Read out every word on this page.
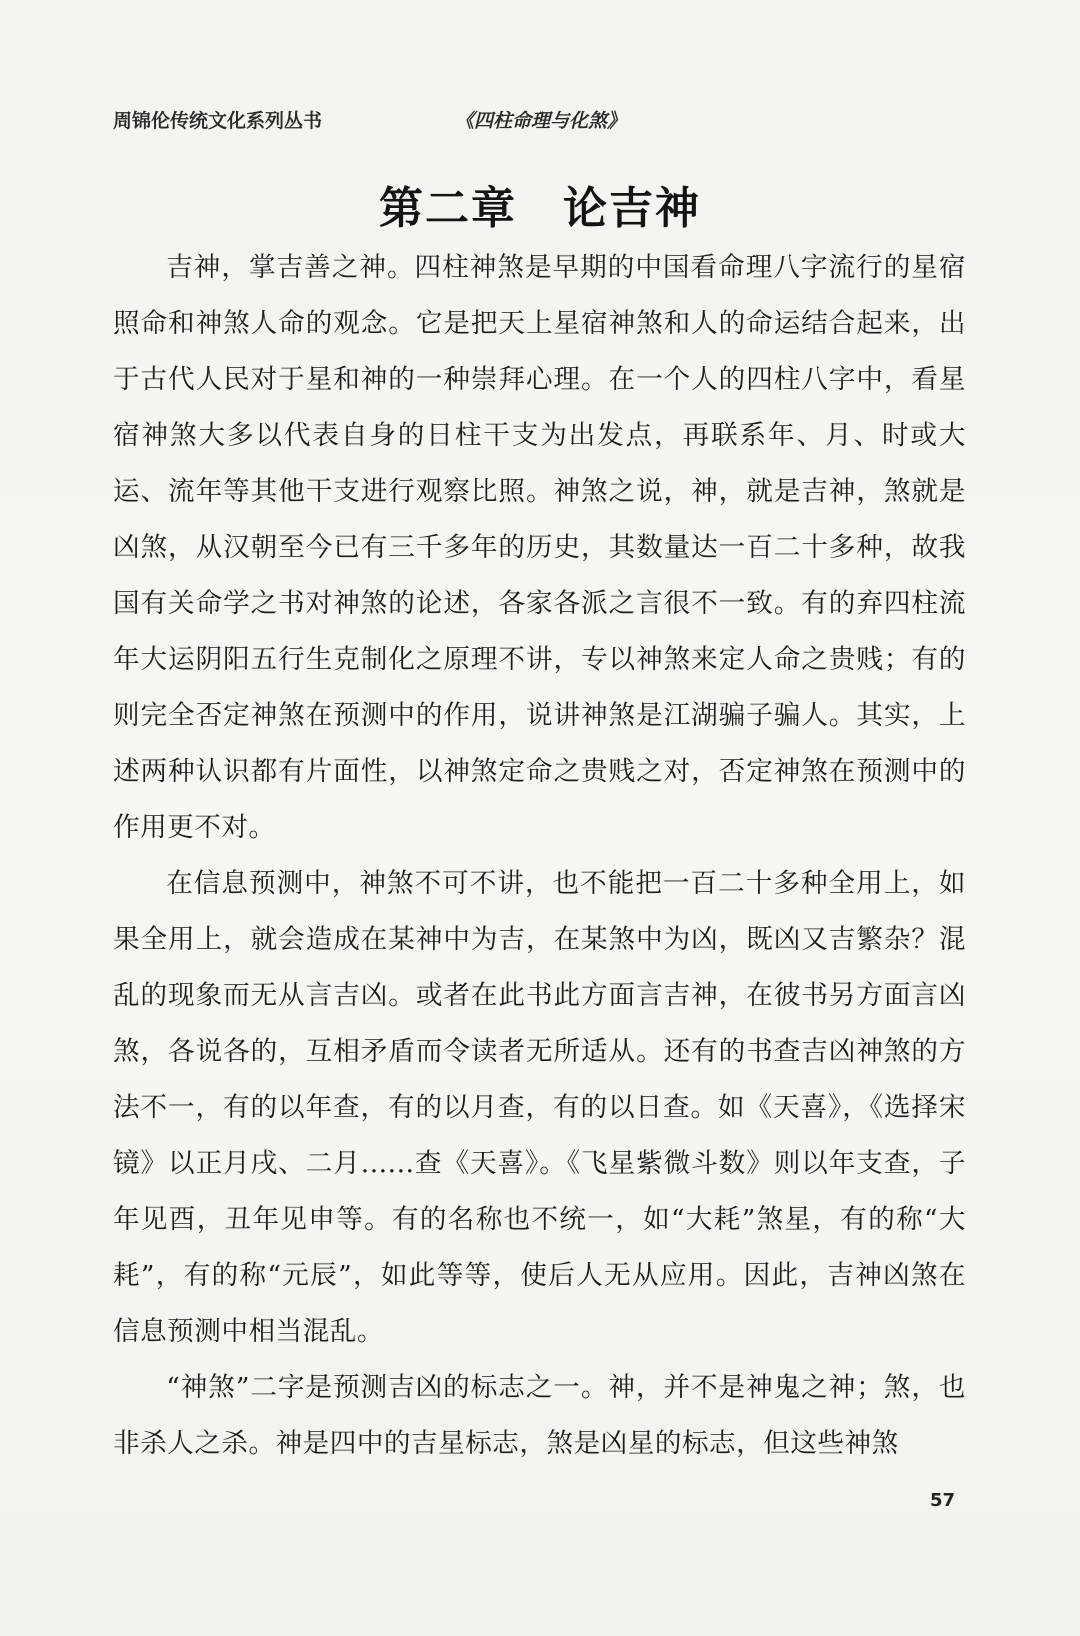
周锦伦传统文化系列丛书	《四柱命理与化煞》
第二章　论吉神

吉神，掌吉善之神。四柱神煞是早期的中国看命理八字流行的星宿照命和神煞人命的观念。它是把天上星宿神煞和人的命运结合起来，出于古代人民对于星和神的一种崇拜心理。在一个人的四柱八字中，看星宿神煞大多以代表自身的日柱干支为出发点，再联系年、月、时或大运、流年等其他干支进行观察比照。神煞之说，神，就是吉神，煞就是凶煞，从汉朝至今已有三千多年的历史，其数量达一百二十多种，故我国有关命学之书对神煞的论述，各家各派之言很不一致。有的弃四柱流年大运阴阳五行生克制化之原理不讲，专以神煞来定人命之贵贱；有的则完全否定神煞在预测中的作用，说讲神煞是江湖骗子骗人。其实，上述两种认识都有片面性，以神煞定命之贵贱之对，否定神煞在预测中的作用更不对。

在信息预测中，神煞不可不讲，也不能把一百二十多种全用上，如果全用上，就会造成在某神中为吉，在某煞中为凶，既凶又吉繁杂？混乱的现象而无从言吉凶。或者在此书此方面言吉神，在彼书另方面言凶煞，各说各的，互相矛盾而令读者无所适从。还有的书查吉凶神煞的方法不一，有的以年查，有的以月查，有的以日查。如《天喜》，《选择宋镜》以正月戌、二月......查《天喜》。《飞星紫微斗数》则以年支查，子年见酉，丑年见申等。有的名称也不统一，如“大耗”煞星，有的称“大耗”，有的称“元辰”，如此等等，使后人无从应用。因此，吉神凶煞在信息预测中相当混乱。

“神煞”二字是预测吉凶的标志之一。神，并不是神鬼之神；煞，也非杀人之杀。神是四中的吉星标志，煞是凶星的标志，但这些神煞

57
